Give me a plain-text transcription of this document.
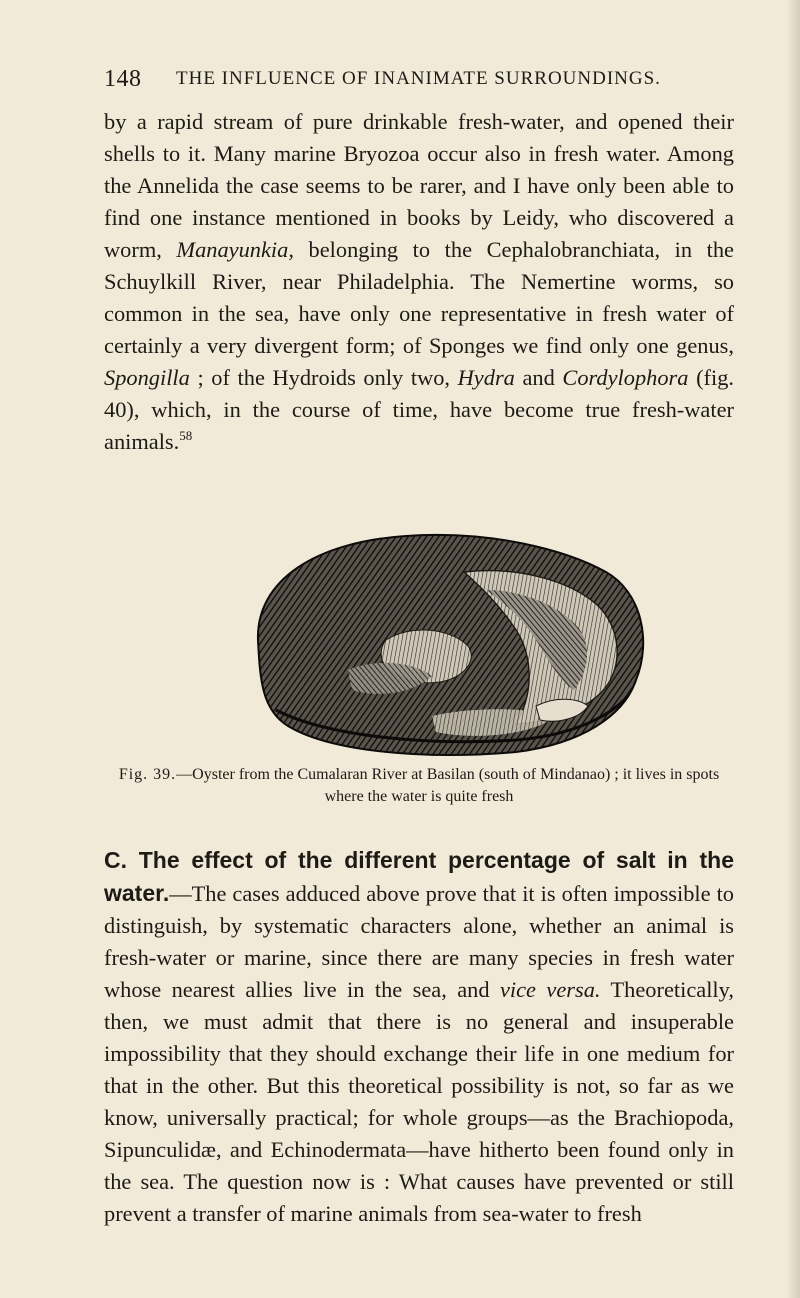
148 THE INFLUENCE OF INANIMATE SURROUNDINGS.

by a rapid stream of pure drinkable fresh-water, and opened their shells to it. Many marine Bryozoa occur also in fresh water. Among the Annelida the case seems to be rarer, and I have only been able to find one instance mentioned in books by Leidy, who discovered a worm, Manayunkia, belonging to the Cephalobranchiata, in the Schuylkill River, near Philadelphia. The Nemertine worms, so common in the sea, have only one representative in fresh water of certainly a very divergent form; of Sponges we find only one genus, Spongilla ; of the Hydroids only two, Hydra and Cordylophora (fig. 40), which, in the course of time, have become true fresh-water animals.$^{58}$

Fig. 39.—Oyster from the Cumalaran River at Basilan (south of Mindanao) ; it lives in spots where the water is quite fresh

C. The effect of the different percentage of salt in the water.—The cases adduced above prove that it is often impossible to distinguish, by systematic characters alone, whether an animal is fresh-water or marine, since there are many species in fresh water whose nearest allies live in the sea, and vice versa. Theoretically, then, we must admit that there is no general and insuperable impossibility that they should exchange their life in one medium for that in the other. But this theoretical possibility is not, so far as we know, universally practical; for whole groups—as the Brachiopoda, Sipunculidæ, and Echinodermata—have hitherto been found only in the sea. The question now is : What causes have prevented or still prevent a transfer of marine animals from sea-water to fresh
